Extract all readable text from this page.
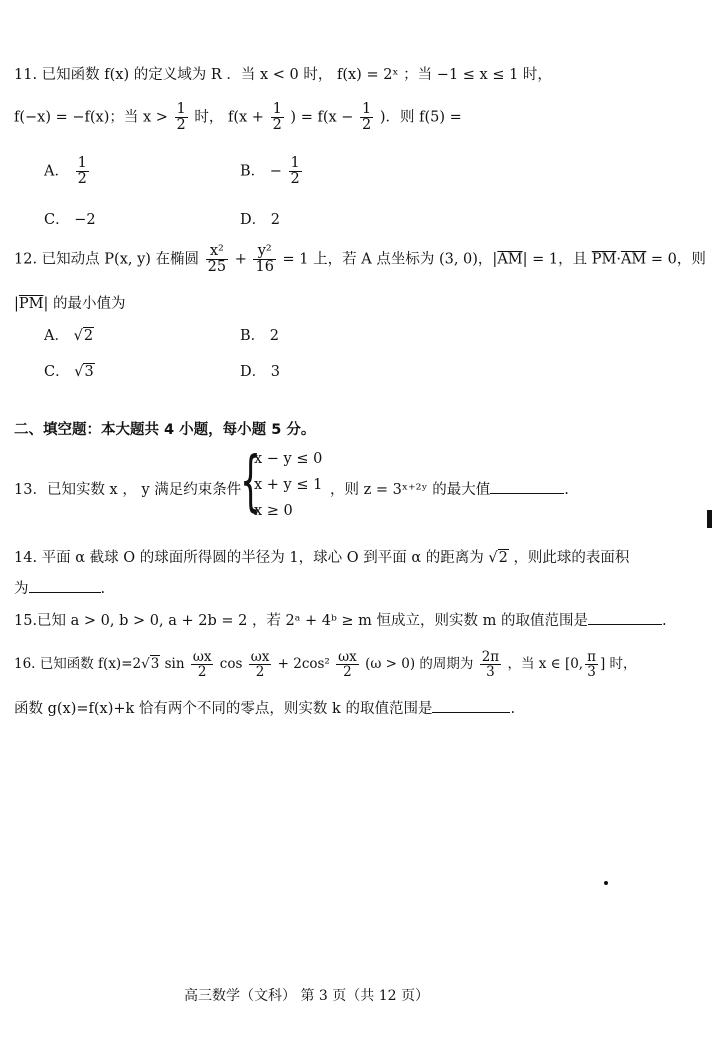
11. 已知函数 f(x) 的定义域为 R ．当 x < 0 时， f(x) = 2ˣ ；当 −1 ≤ x ≤ 1 时，
f(−x) = −f(x)；当 $x > \frac{1}{2}$ 时， $f(x + \frac{1}{2}$ ) = $f(x - \frac{1}{2}$ )．则 f(5) =
A． $\frac{1}{2}$	B． − $\frac{1}{2}$
C． −2	D． 2
12. 已知动点 P(x, y) 在椭圆 $\frac{\text{x²}}{25} + \frac{\text{y²}}{16} = 1$ 上，若 A 点坐标为 (3, 0)，$|\overline{AM}| = 1$，且 $\overline{PM}\cdot\overline{AM} = 0$，则
$|\overline{PM}|$ 的最小值为
A． √2	B． 2
C． √3	D． 3
二、填空题：本大题共 4 小题，每小题 5 分。
13．已知实数 x ， y 满足约束条件
{
x − y ≤ 0
x + y ≤ 1
x ≥ 0
，则 z = 3ˣ⁺²ʸ 的最大值	.
14. 平面 α 截球 O 的球面所得圆的半径为 1，球心 O 到平面 α 的距离为 √2 ，则此球的表面积
为	.
15.已知 a > 0, b > 0, a + 2b = 2 ，若 2ᵃ + 4ᵇ ≥ m 恒成立，则实数 m 的取值范围是	.
16. 已知函数 f(x)=2√3 $\sin \frac{\omega x}{2}$ $\cos \frac{\omega x}{2} + 2\cos^2 \frac{\omega x}{2} (\omega > 0)$ 的周期为 $\frac{2\pi}{3}$ ，当 x ∈ [0, $\frac{\pi}{3}$ ] 时，
函数 g(x)=f(x)+k 恰有两个不同的零点，则实数 k 的取值范围是	.
高三数学（文科） 第 3 页（共 12 页）
